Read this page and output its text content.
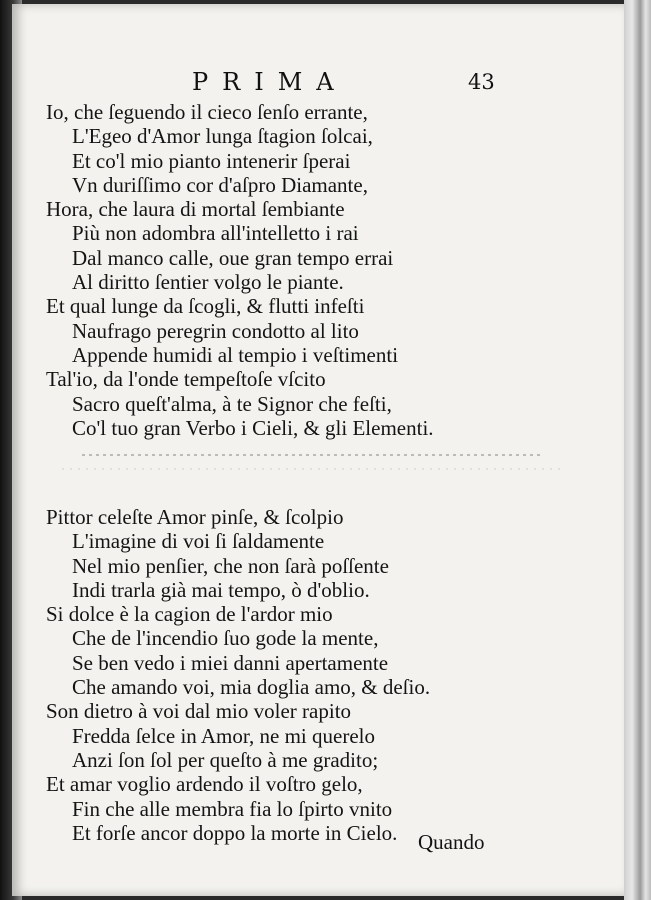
PRIMA	43
Io, che ſeguendo il cieco ſenſo errante,
L'Egeo d'Amor lunga ſtagion ſolcai,
Et co'l mio pianto intenerir ſperai
Vn duriſſimo cor d'aſpro Diamante,
Hora, che laura di mortal ſembiante
Più non adombra all'intelletto i rai
Dal manco calle, oue gran tempo errai
Al diritto ſentier volgo le piante.
Et qual lunge da ſcogli, & flutti infeſti
Naufrago peregrin condotto al lito
Appende humidi al tempio i veſtimenti
Tal'io, da l'onde tempeſtoſe vſcito
Sacro queſt'alma, à te Signor che feſti,
Co'l tuo gran Verbo i Cieli, & gli Elementi.
Pittor celeſte Amor pinſe, & ſcolpio
L'imagine di voi ſi ſaldamente
Nel mio penſier, che non ſarà poſſente
Indi trarla già mai tempo, ò d'oblio.
Si dolce è la cagion de l'ardor mio
Che de l'incendio ſuo gode la mente,
Se ben vedo i miei danni apertamente
Che amando voi, mia doglia amo, & deſio.
Son dietro à voi dal mio voler rapito
Fredda ſelce in Amor, ne mi querelo
Anzi ſon ſol per queſto à me gradito;
Et amar voglio ardendo il voſtro gelo,
Fin che alle membra fia lo ſpirto vnito
Et forſe ancor doppo la morte in Cielo. Quando
